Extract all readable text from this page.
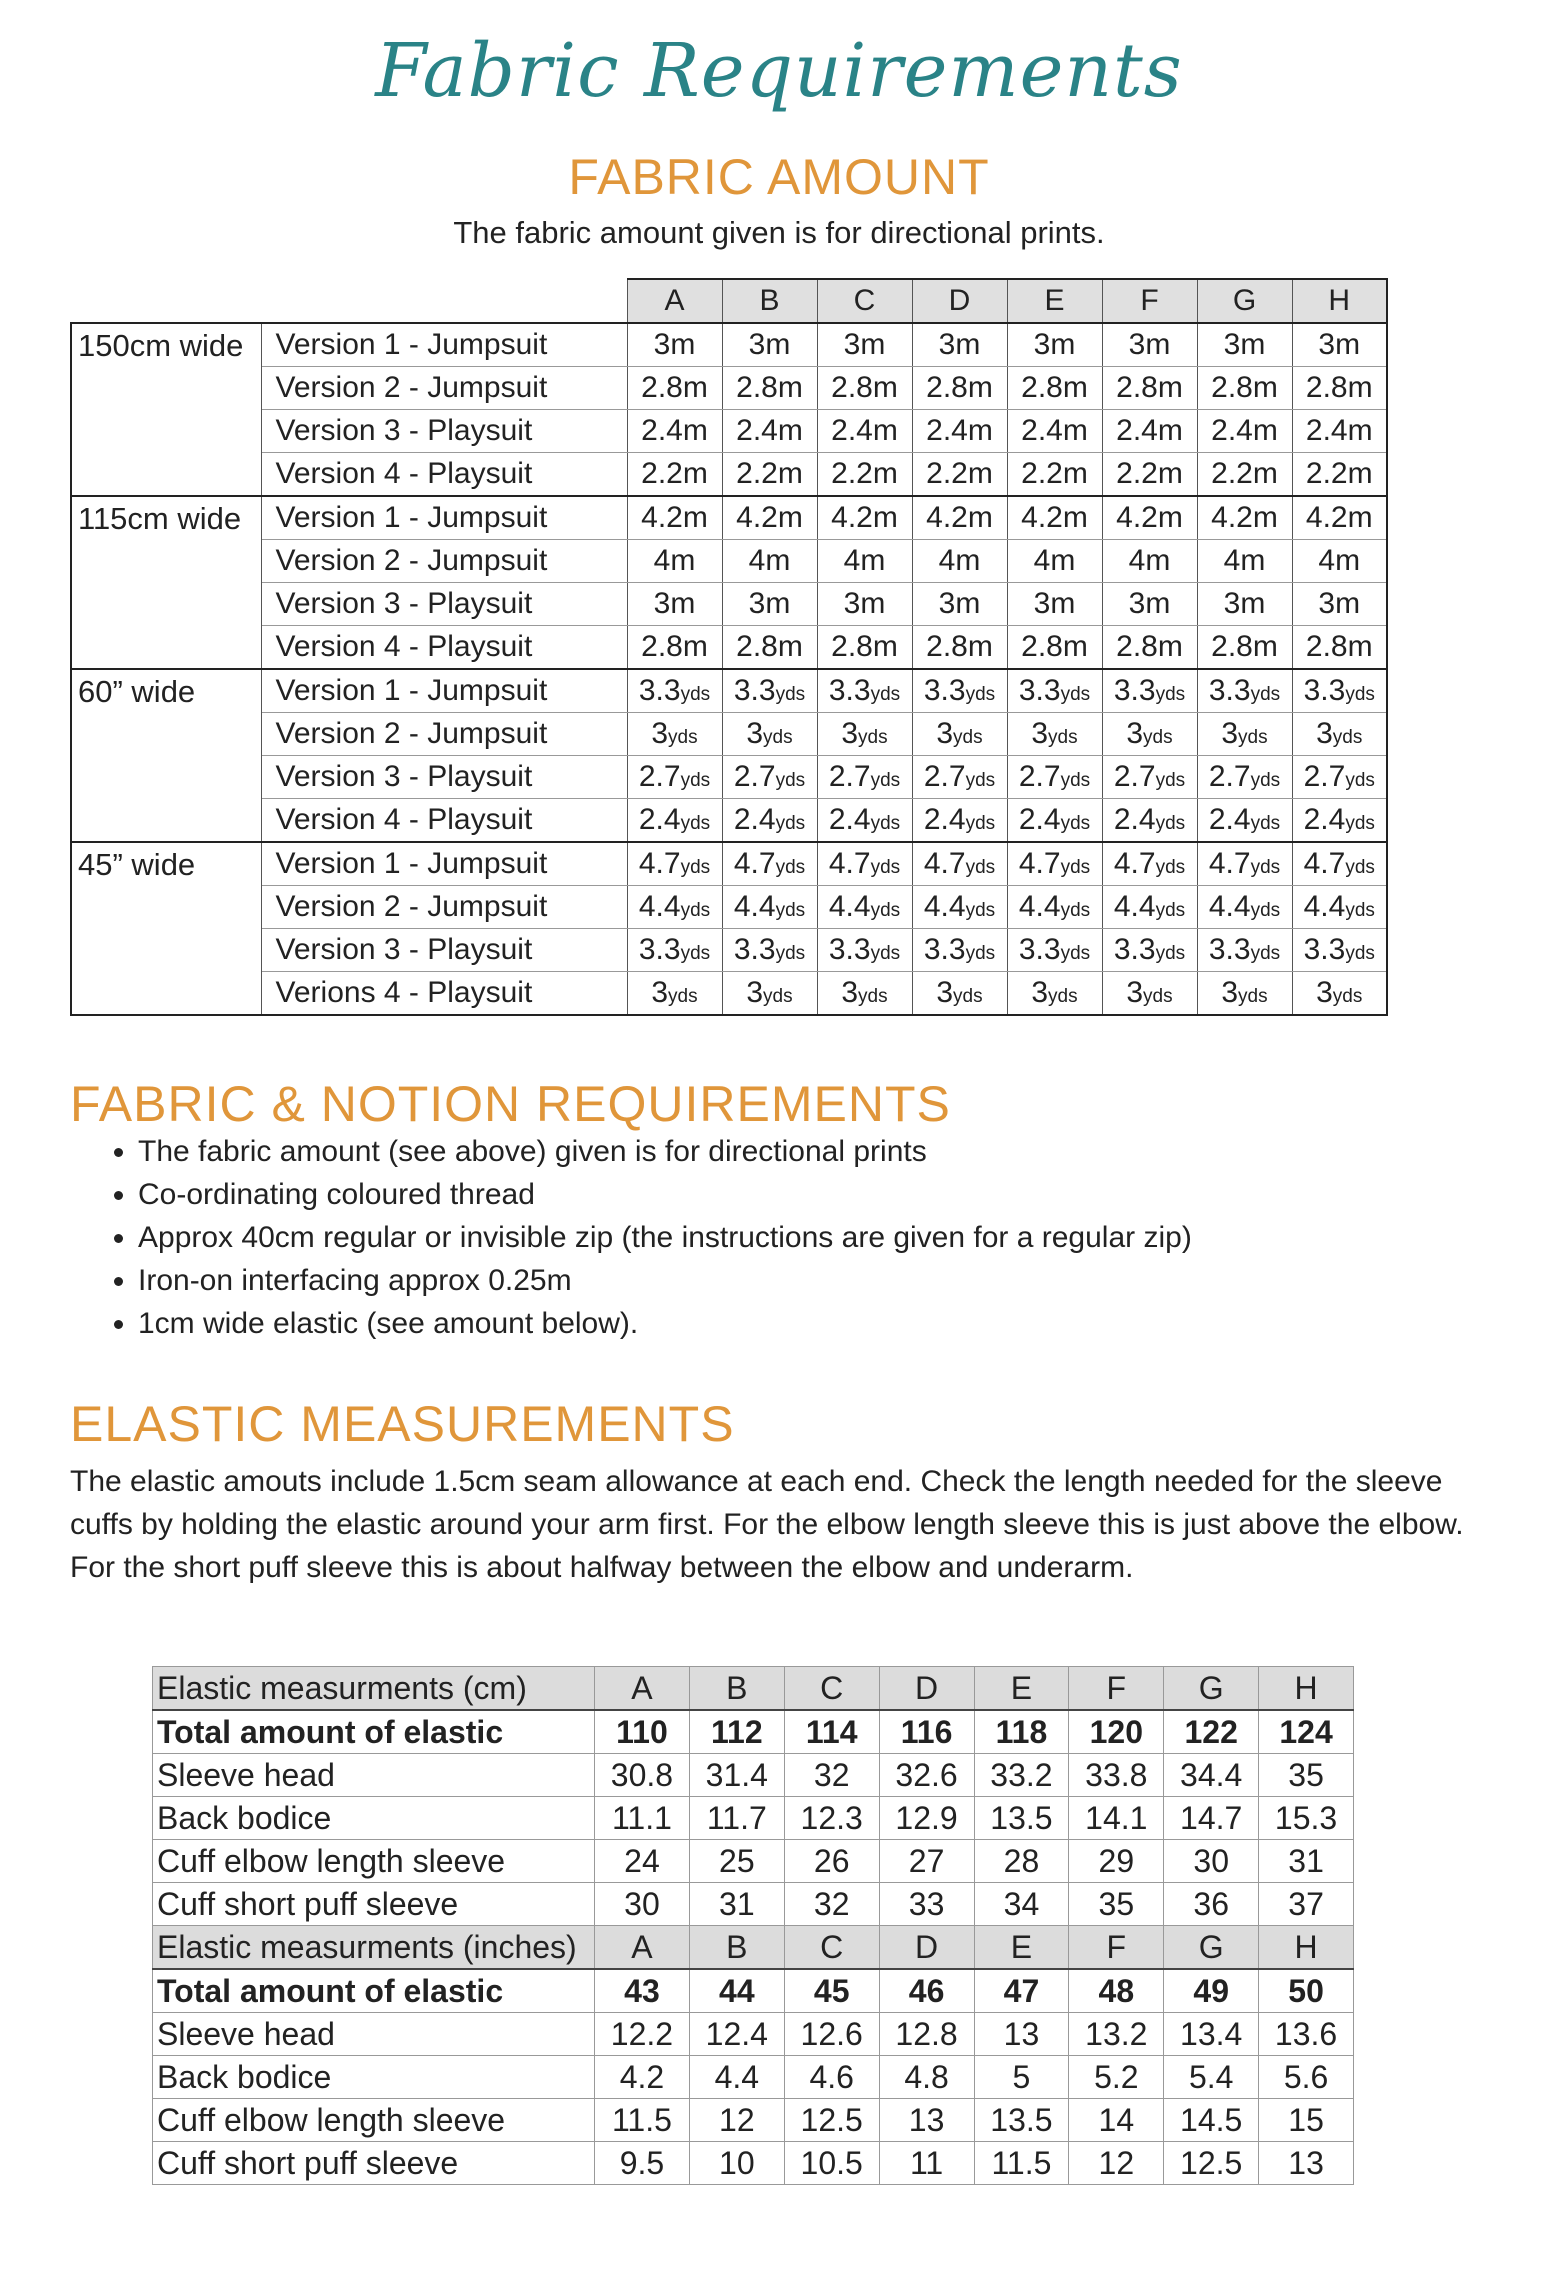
Fabric Requirements
FABRIC AMOUNT
The fabric amount given is for directional prints.
		A	B	C	D	E	F	G	H
150cm wide	Version 1 - Jumpsuit	3m	3m	3m	3m	3m	3m	3m	3m
	Version 2 - Jumpsuit	2.8m	2.8m	2.8m	2.8m	2.8m	2.8m	2.8m	2.8m
	Version 3 - Playsuit	2.4m	2.4m	2.4m	2.4m	2.4m	2.4m	2.4m	2.4m
	Version 4 - Playsuit	2.2m	2.2m	2.2m	2.2m	2.2m	2.2m	2.2m	2.2m
115cm wide	Version 1 - Jumpsuit	4.2m	4.2m	4.2m	4.2m	4.2m	4.2m	4.2m	4.2m
	Version 2 - Jumpsuit	4m	4m	4m	4m	4m	4m	4m	4m
	Version 3 - Playsuit	3m	3m	3m	3m	3m	3m	3m	3m
	Version 4 - Playsuit	2.8m	2.8m	2.8m	2.8m	2.8m	2.8m	2.8m	2.8m
60” wide	Version 1 - Jumpsuit	3.3yds	3.3yds	3.3yds	3.3yds	3.3yds	3.3yds	3.3yds	3.3yds
	Version 2 - Jumpsuit	3yds	3yds	3yds	3yds	3yds	3yds	3yds	3yds
	Version 3 - Playsuit	2.7yds	2.7yds	2.7yds	2.7yds	2.7yds	2.7yds	2.7yds	2.7yds
	Version 4 - Playsuit	2.4yds	2.4yds	2.4yds	2.4yds	2.4yds	2.4yds	2.4yds	2.4yds
45” wide	Version 1 - Jumpsuit	4.7yds	4.7yds	4.7yds	4.7yds	4.7yds	4.7yds	4.7yds	4.7yds
	Version 2 - Jumpsuit	4.4yds	4.4yds	4.4yds	4.4yds	4.4yds	4.4yds	4.4yds	4.4yds
	Version 3 - Playsuit	3.3yds	3.3yds	3.3yds	3.3yds	3.3yds	3.3yds	3.3yds	3.3yds
	Verions 4 - Playsuit	3yds	3yds	3yds	3yds	3yds	3yds	3yds	3yds
FABRIC & NOTION REQUIREMENTS
• The fabric amount (see above) given is for directional prints
• Co-ordinating coloured thread
• Approx 40cm regular or invisible zip (the instructions are given for a regular zip)
• Iron-on interfacing approx 0.25m
• 1cm wide elastic (see amount below).
ELASTIC MEASUREMENTS
The elastic amouts include 1.5cm seam allowance at each end. Check the length needed for the sleeve cuffs by holding the elastic around your arm first. For the elbow length sleeve this is just above the elbow. For the short puff sleeve this is about halfway between the elbow and underarm.
Elastic measurments (cm)	A	B	C	D	E	F	G	H
Total amount of elastic	110	112	114	116	118	120	122	124
Sleeve head	30.8	31.4	32	32.6	33.2	33.8	34.4	35
Back bodice	11.1	11.7	12.3	12.9	13.5	14.1	14.7	15.3
Cuff elbow length sleeve	24	25	26	27	28	29	30	31
Cuff short puff sleeve	30	31	32	33	34	35	36	37
Elastic measurments (inches)	A	B	C	D	E	F	G	H
Total amount of elastic	43	44	45	46	47	48	49	50
Sleeve head	12.2	12.4	12.6	12.8	13	13.2	13.4	13.6
Back bodice	4.2	4.4	4.6	4.8	5	5.2	5.4	5.6
Cuff elbow length sleeve	11.5	12	12.5	13	13.5	14	14.5	15
Cuff short puff sleeve	9.5	10	10.5	11	11.5	12	12.5	13
